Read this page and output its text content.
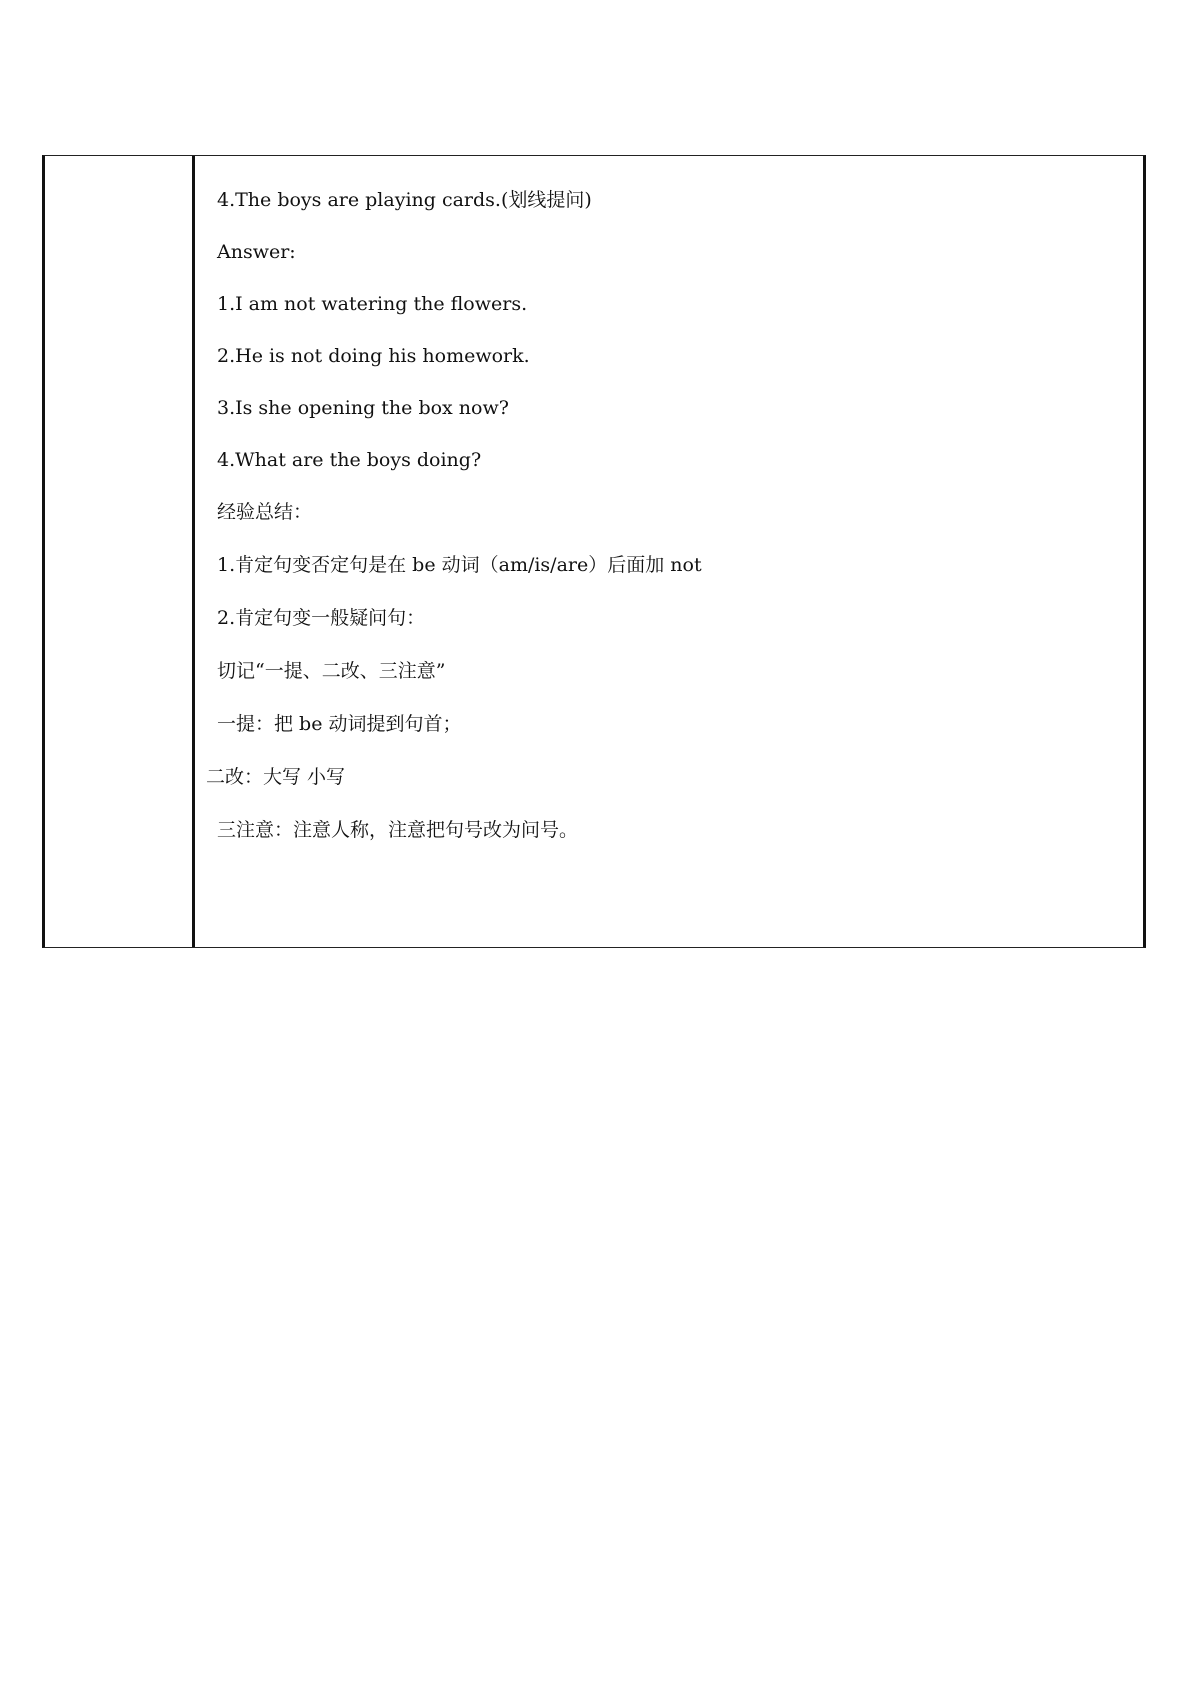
4.The boys are playing cards.(划线提问)
Answer:
1.I am not watering the flowers.
2.He is not doing his homework.
3.Is she opening the box now?
4.What are the boys doing?
经验总结：
1.肯定句变否定句是在 be 动词（am/is/are）后面加 not
2.肯定句变一般疑问句：
切记“一提、二改、三注意”
一提：把 be 动词提到句首；
二改：大写 小写
三注意：注意人称，注意把句号改为问号。
